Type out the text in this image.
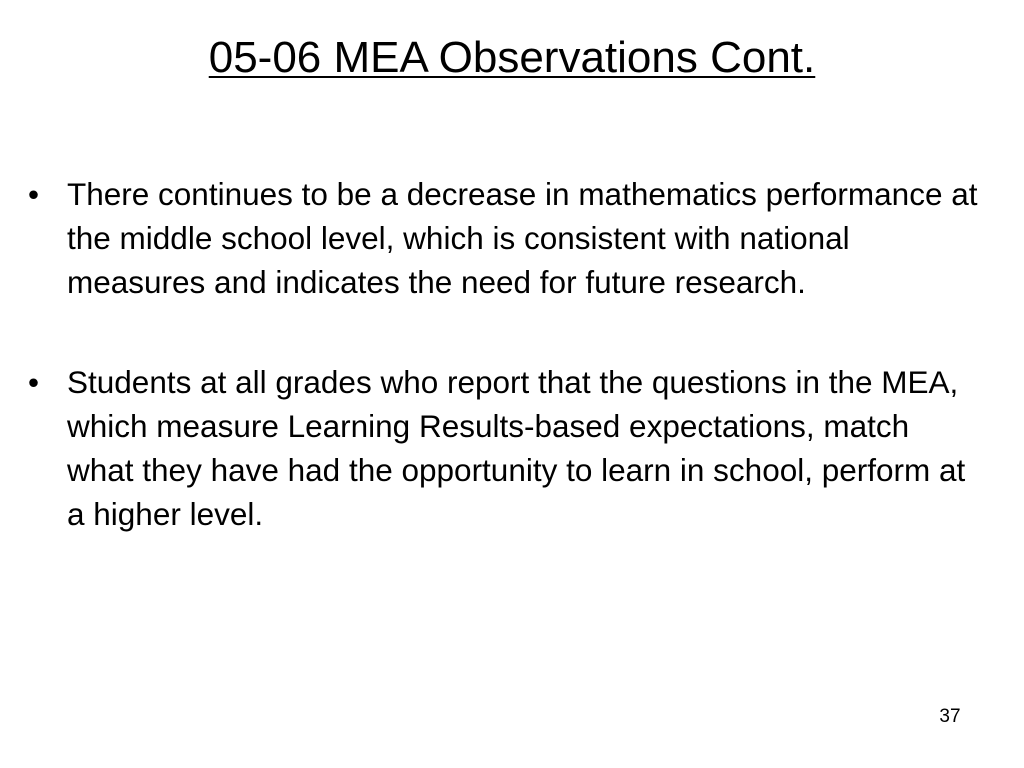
05-06 MEA Observations Cont.
• There continues to be a decrease in mathematics performance at the middle school level, which is consistent with national measures and indicates the need for future research.
• Students at all grades who report that the questions in the MEA, which measure Learning Results-based expectations, match what they have had the opportunity to learn in school, perform at a higher level.
37
